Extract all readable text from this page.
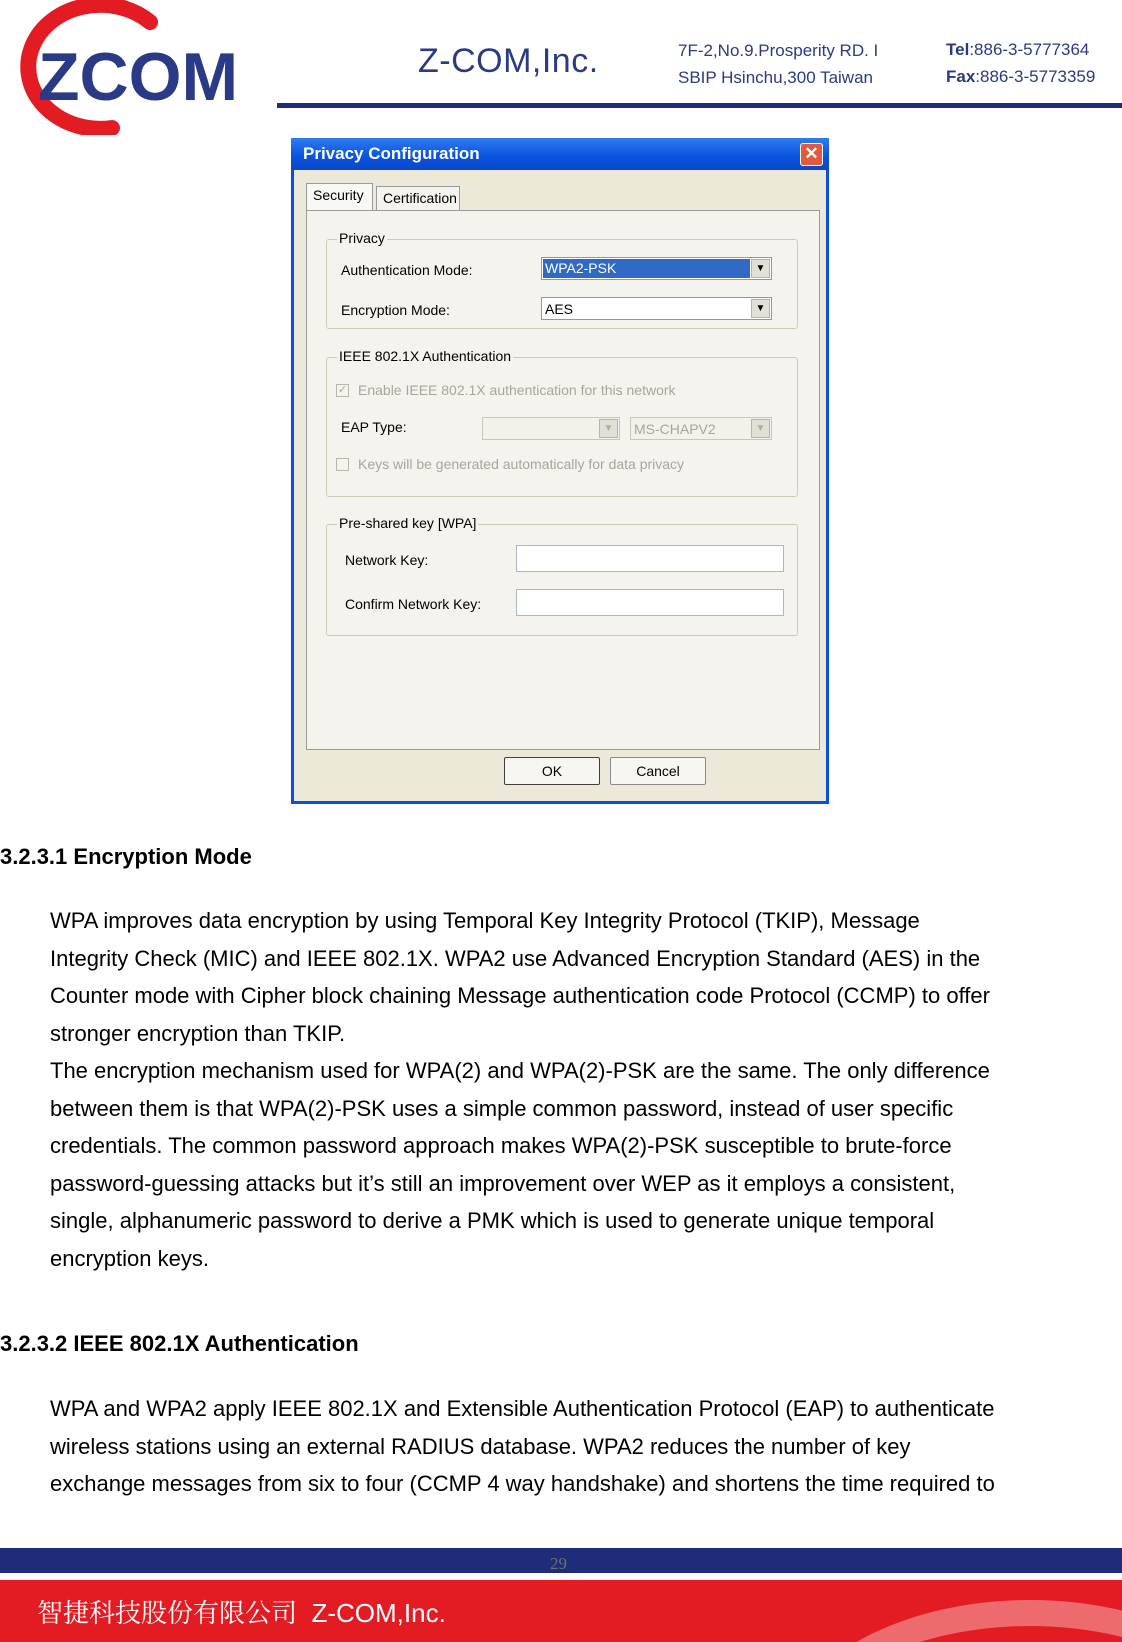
ZCOM	Z-COM,Inc.	7F-2,No.9.Prosperity RD. I
SBIP Hsinchu,300 Taiwan
Tel:886-3-5777364
Fax:886-3-5773359
Privacy Configuration	✕
Security	Certification
Privacy
Authentication Mode:	WPA2-PSK	▼
Encryption Mode:	AES	▼
IEEE 802.1X Authentication
✓ Enable IEEE 802.1X authentication for this network
EAP Type:	▼	MS-CHAPV2	▼
Keys will be generated automatically for data privacy
Pre-shared key [WPA]
Network Key:
Confirm Network Key:
OK	Cancel
3.2.3.1 Encryption Mode

WPA improves data encryption by using Temporal Key Integrity Protocol (TKIP), Message

Integrity Check (MIC) and IEEE 802.1X. WPA2 use Advanced Encryption Standard (AES) in the

Counter mode with Cipher block chaining Message authentication code Protocol (CCMP) to offer

stronger encryption than TKIP.

The encryption mechanism used for WPA(2) and WPA(2)-PSK are the same. The only difference

between them is that WPA(2)-PSK uses a simple common password, instead of user specific

credentials. The common password approach makes WPA(2)-PSK susceptible to brute-force

password-guessing attacks but it’s still an improvement over WEP as it employs a consistent,

single, alphanumeric password to derive a PMK which is used to generate unique temporal

encryption keys.

3.2.3.2 IEEE 802.1X Authentication

WPA and WPA2 apply IEEE 802.1X and Extensible Authentication Protocol (EAP) to authenticate

wireless stations using an external RADIUS database. WPA2 reduces the number of key

exchange messages from six to four (CCMP 4 way handshake) and shortens the time required to

29
智捷科技股份有限公司 Z-COM,Inc.
